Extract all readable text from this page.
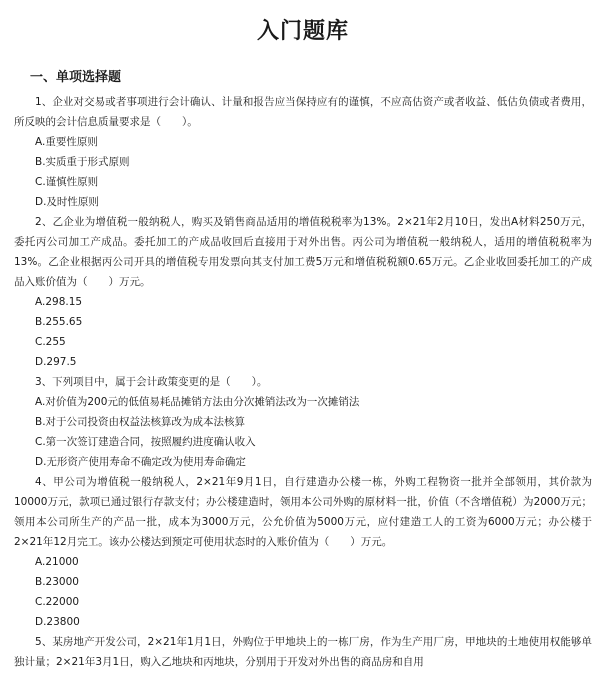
入门题库
一、单项选择题

1、企业对交易或者事项进行会计确认、计量和报告应当保持应有的谨慎，不应高估资产或者收益、低估负债或者费用，所反映的会计信息质量要求是（　　）。

A.重要性原则

B.实质重于形式原则

C.谨慎性原则

D.及时性原则

2、乙企业为增值税一般纳税人，购买及销售商品适用的增值税税率为13%。2×21年2月10日，发出A材料250万元，委托丙公司加工产成品。委托加工的产成品收回后直接用于对外出售。丙公司为增值税一般纳税人，适用的增值税税率为13%。乙企业根据丙公司开具的增值税专用发票向其支付加工费5万元和增值税税额0.65万元。乙企业收回委托加工的产成品入账价值为（　　）万元。

A.298.15

B.255.65

C.255

D.297.5

3、下列项目中，属于会计政策变更的是（　　）。

A.对价值为200元的低值易耗品摊销方法由分次摊销法改为一次摊销法

B.对于公司投资由权益法核算改为成本法核算

C.第一次签订建造合同，按照履约进度确认收入

D.无形资产使用寿命不确定改为使用寿命确定

4、甲公司为增值税一般纳税人，2×21年9月1日，自行建造办公楼一栋，外购工程物资一批并全部领用，其价款为10000万元，款项已通过银行存款支付；办公楼建造时，领用本公司外购的原材料一批，价值（不含增值税）为2000万元；领用本公司所生产的产品一批，成本为3000万元，公允价值为5000万元，应付建造工人的工资为6000万元；办公楼于2×21年12月完工。该办公楼达到预定可使用状态时的入账价值为（　　）万元。

A.21000

B.23000

C.22000

D.23800

5、某房地产开发公司，2×21年1月1日，外购位于甲地块上的一栋厂房，作为生产用厂房，甲地块的土地使用权能够单独计量；2×21年3月1日，购入乙地块和丙地块，分别用于开发对外出售的商品房和自用
